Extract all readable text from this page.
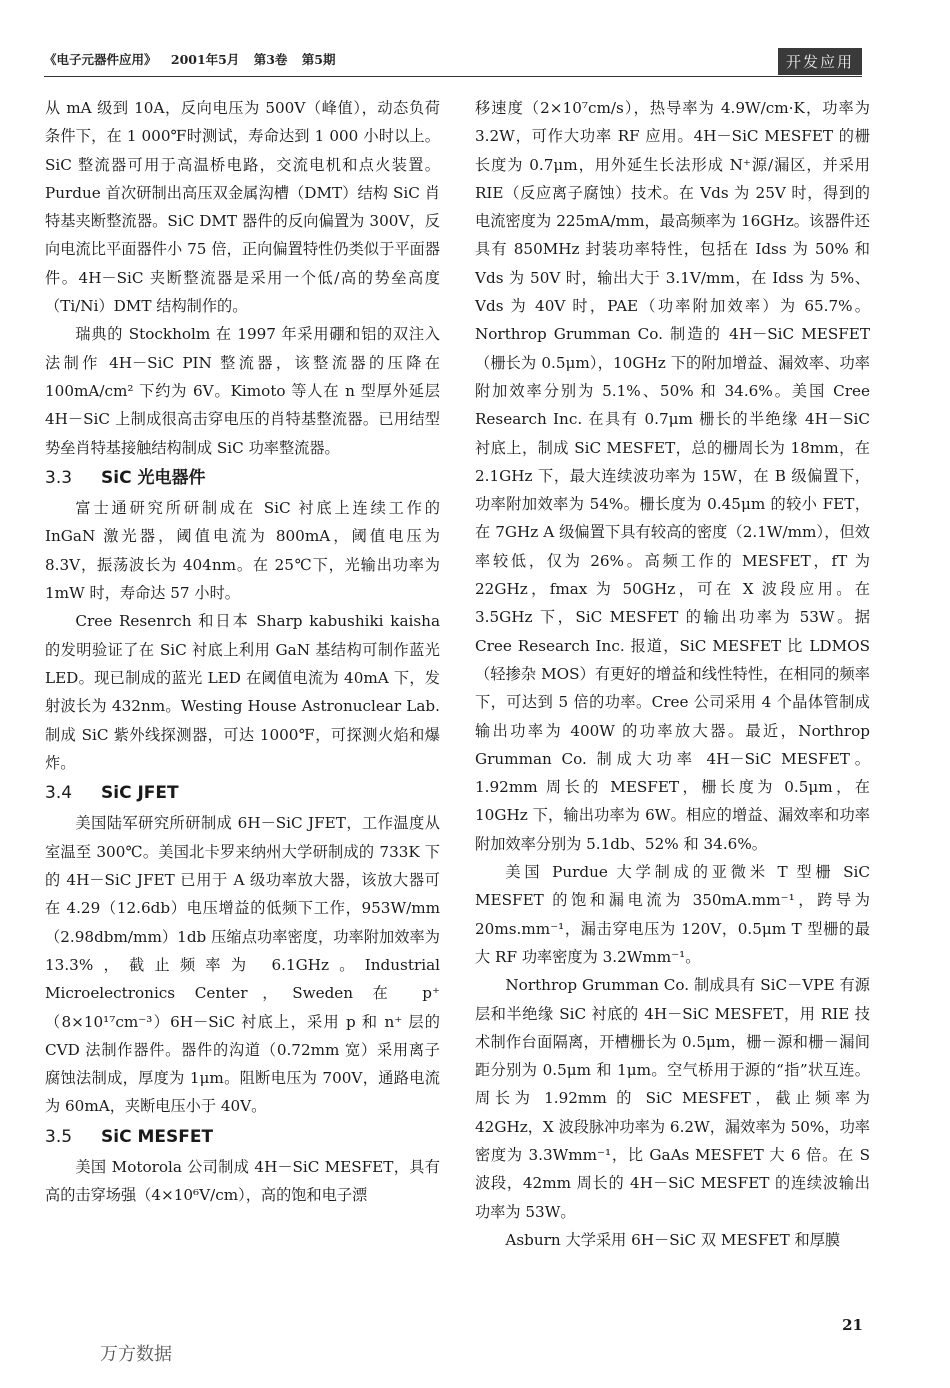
《电子元器件应用》 2001年5月 第3卷 第5期	开发应用

从 mA 级到 10A，反向电压为 500V（峰值），动态负荷条件下，在 1 000℉时测试，寿命达到 1 000 小时以上。SiC 整流器可用于高温桥电路，交流电机和点火装置。Purdue 首次研制出高压双金属沟槽（DMT）结构 SiC 肖特基夹断整流器。SiC DMT 器件的反向偏置为 300V，反向电流比平面器件小 75 倍，正向偏置特性仍类似于平面器件。4H－SiC 夹断整流器是采用一个低/高的势垒高度（Ti/Ni）DMT 结构制作的。

瑞典的 Stockholm 在 1997 年采用硼和铝的双注入法制作 4H－SiC PIN 整流器，该整流器的压降在 100mA/cm² 下约为 6V。Kimoto 等人在 n 型厚外延层 4H－SiC 上制成很高击穿电压的肖特基整流器。已用结型势垒肖特基接触结构制成 SiC 功率整流器。

3.3 SiC 光电器件

富士通研究所研制成在 SiC 衬底上连续工作的 InGaN 激光器，阈值电流为 800mA，阈值电压为 8.3V，振荡波长为 404nm。在 25℃下，光输出功率为 1mW 时，寿命达 57 小时。

Cree Resenrch 和日本 Sharp kabushiki kaisha 的发明验证了在 SiC 衬底上利用 GaN 基结构可制作蓝光 LED。现已制成的蓝光 LED 在阈值电流为 40mA 下，发射波长为 432nm。Westing House Astronuclear Lab. 制成 SiC 紫外线探测器，可达 1000℉，可探测火焰和爆炸。

3.4 SiC JFET

美国陆军研究所研制成 6H－SiC JFET，工作温度从室温至 300℃。美国北卡罗来纳州大学研制成的 733K 下的 4H－SiC JFET 已用于 A 级功率放大器，该放大器可在 4.29（12.6db）电压增益的低频下工作，953W/mm（2.98dbm/mm）1db 压缩点功率密度，功率附加效率为 13.3%，截止频率为 6.1GHz。Industrial Microelectronics Center，Sweden 在 p⁺（8×10¹⁷cm⁻³）6H－SiC 衬底上，采用 p 和 n⁺ 层的 CVD 法制作器件。器件的沟道（0.72mm 宽）采用离子腐蚀法制成，厚度为 1μm。阻断电压为 700V，通路电流为 60mA，夹断电压小于 40V。

3.5 SiC MESFET

美国 Motorola 公司制成 4H－SiC MESFET，具有高的击穿场强（4×10⁶V/cm），高的饱和电子漂

移速度（2×10⁷cm/s），热导率为 4.9W/cm·K，功率为 3.2W，可作大功率 RF 应用。4H－SiC MESFET 的栅长度为 0.7μm，用外延生长法形成 N⁺源/漏区，并采用 RIE（反应离子腐蚀）技术。在 Vds 为 25V 时，得到的电流密度为 225mA/mm，最高频率为 16GHz。该器件还具有 850MHz 封装功率特性，包括在 Idss 为 50% 和 Vds 为 50V 时，输出大于 3.1V/mm，在 Idss 为 5%、Vds 为 40V 时，PAE（功率附加效率）为 65.7%。Northrop Grumman Co. 制造的 4H－SiC MESFET（栅长为 0.5μm），10GHz 下的附加增益、漏效率、功率附加效率分别为 5.1%、50% 和 34.6%。美国 Cree Research Inc. 在具有 0.7μm 栅长的半绝缘 4H－SiC 衬底上，制成 SiC MESFET，总的栅周长为 18mm，在 2.1GHz 下，最大连续波功率为 15W，在 B 级偏置下，功率附加效率为 54%。栅长度为 0.45μm 的较小 FET，在 7GHz A 级偏置下具有较高的密度（2.1W/mm），但效率较低，仅为 26%。高频工作的 MESFET，fT 为 22GHz，fmax 为 50GHz，可在 X 波段应用。在 3.5GHz 下，SiC MESFET 的输出功率为 53W。据 Cree Research Inc. 报道，SiC MESFET 比 LDMOS（轻掺杂 MOS）有更好的增益和线性特性，在相同的频率下，可达到 5 倍的功率。Cree 公司采用 4 个晶体管制成输出功率为 400W 的功率放大器。最近，Northrop Grumman Co. 制成大功率 4H－SiC MESFET。1.92mm 周长的 MESFET，栅长度为 0.5μm，在 10GHz 下，输出功率为 6W。相应的增益、漏效率和功率附加效率分别为 5.1db、52% 和 34.6%。

美国 Purdue 大学制成的亚微米 T 型栅 SiC MESFET 的饱和漏电流为 350mA.mm⁻¹，跨导为 20ms.mm⁻¹，漏击穿电压为 120V，0.5μm T 型栅的最大 RF 功率密度为 3.2Wmm⁻¹。

Northrop Grumman Co. 制成具有 SiC－VPE 有源层和半绝缘 SiC 衬底的 4H－SiC MESFET，用 RIE 技术制作台面隔离，开槽栅长为 0.5μm，栅－源和栅－漏间距分别为 0.5μm 和 1μm。空气桥用于源的“指”状互连。周长为 1.92mm 的 SiC MESFET，截止频率为 42GHz，X 波段脉冲功率为 6.2W，漏效率为 50%，功率密度为 3.3Wmm⁻¹，比 GaAs MESFET 大 6 倍。在 S 波段，42mm 周长的 4H－SiC MESFET 的连续波输出功率为 53W。

Asburn 大学采用 6H－SiC 双 MESFET 和厚膜

21
万方数据
